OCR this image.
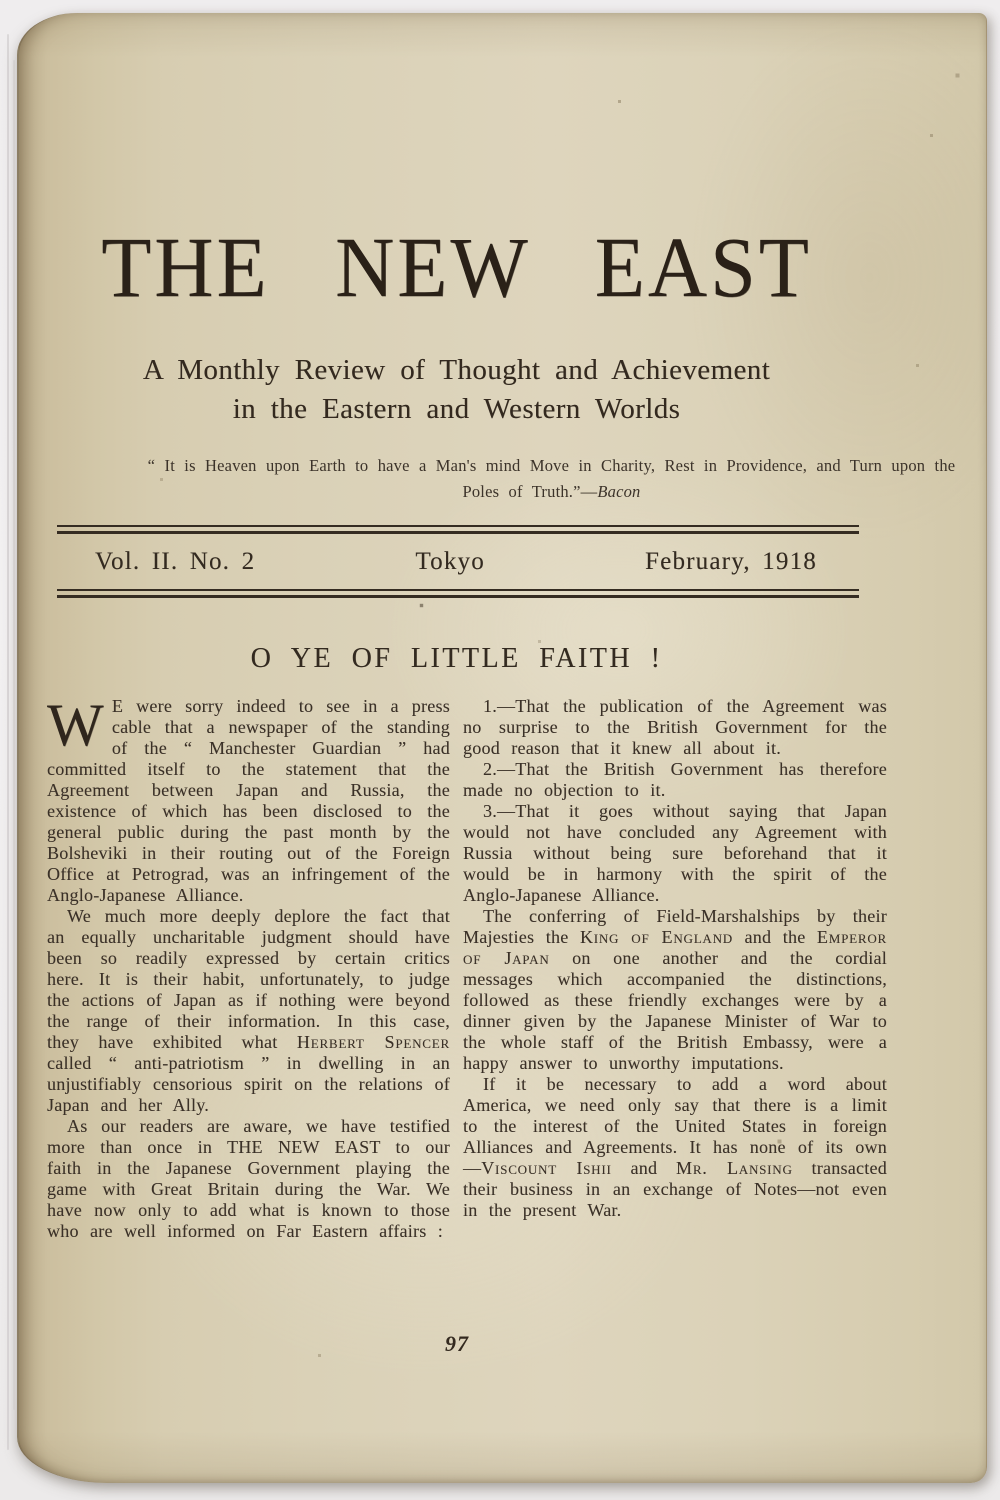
THE NEW EAST
A Monthly Review of Thought and Achievement
in the Eastern and Western Worlds
“ It is Heaven upon Earth to have a Man's mind Move in Charity, Rest in Providence, and Turn upon the Poles of Truth.”—Bacon
Vol. II. No. 2	Tokyo	February, 1918
O YE OF LITTLE FAITH !

W E were sorry indeed to see in a press cable that a newspaper of the standing of the “ Manchester Guardian ” had committed itself to the statement that the Agreement between Japan and Russia, the existence of which has been disclosed to the general public during the past month by the Bolsheviki in their routing out of the Foreign Office at Petrograd, was an infringement of the Anglo-Japanese Alliance.

We much more deeply deplore the fact that an equally uncharitable judgment should have been so readily expressed by certain critics here. It is their habit, unfortunately, to judge the actions of Japan as if nothing were beyond the range of their information. In this case, they have exhibited what Herbert Spencer called “ anti-patriotism ” in dwelling in an unjustifiably censorious spirit on the relations of Japan and her Ally.

As our readers are aware, we have testified more than once in THE NEW EAST to our faith in the Japanese Government playing the game with Great Britain during the War. We have now only to add what is known to those who are well informed on Far Eastern affairs :

1.—That the publication of the Agreement was no surprise to the British Government for the good reason that it knew all about it.

2.—That the British Government has therefore made no objection to it.

3.—That it goes without saying that Japan would not have concluded any Agreement with Russia without being sure beforehand that it would be in harmony with the spirit of the Anglo-Japanese Alliance.

The conferring of Field-Marshalships by their Majesties the King of England and the Emperor of Japan on one another and the cordial messages which accompanied the distinctions, followed as these friendly exchanges were by a dinner given by the Japanese Minister of War to the whole staff of the British Embassy, were a happy answer to unworthy imputations.

If it be necessary to add a word about America, we need only say that there is a limit to the interest of the United States in foreign Alliances and Agreements. It has none of its own—Viscount Ishii and Mr. Lansing transacted their business in an exchange of Notes—not even in the present War.

97
